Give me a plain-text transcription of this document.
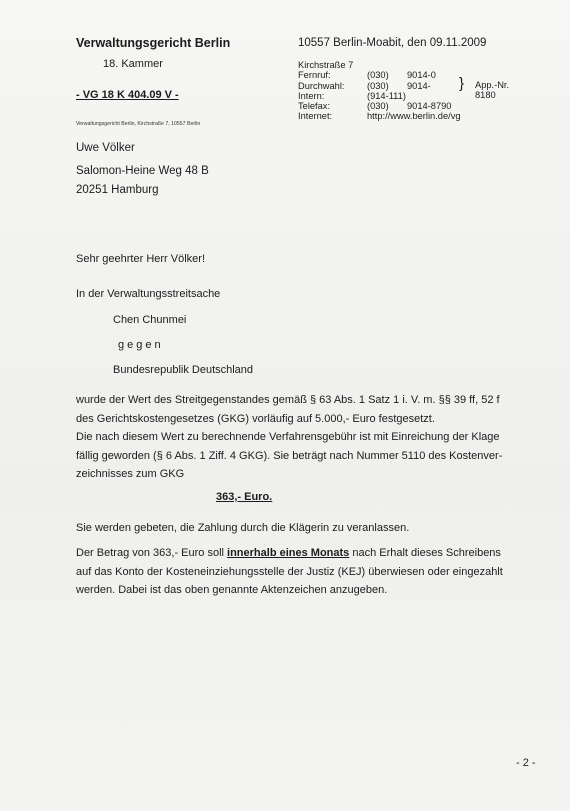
Verwaltungsgericht Berlin
18. Kammer
- VG 18 K 404.09 V -
Verwaltungsgericht Berlin, Kirchstraße 7, 10557 Berlin
10557 Berlin-Moabit, den 09.11.2009
Kirchstraße 7
Fernruf:	(030)	9014-0
Durchwahl:	(030)	9014-
Intern:	(914-111)
Telefax:	(030)	9014-8790
Internet:	http://www.berlin.de/vg
} App.-Nr.
8180
Uwe Völker
Salomon-Heine Weg 48 B
20251 Hamburg
Sehr geehrter Herr Völker!
In der Verwaltungsstreitsache
Chen Chunmei
gegen
Bundesrepublik Deutschland
wurde der Wert des Streitgegenstandes gemäß § 63 Abs. 1 Satz 1 i. V. m. §§ 39 ff, 52 f
des Gerichtskostengesetzes (GKG) vorläufig auf 5.000,- Euro festgesetzt.
Die nach diesem Wert zu berechnende Verfahrensgebühr ist mit Einreichung der Klage
fällig geworden (§ 6 Abs. 1 Ziff. 4 GKG). Sie beträgt nach Nummer 5110 des Kostenver-
zeichnisses zum GKG
363,- Euro.
Sie werden gebeten, die Zahlung durch die Klägerin zu veranlassen.
Der Betrag von 363,- Euro soll innerhalb eines Monats nach Erhalt dieses Schreibens
auf das Konto der Kosteneinziehungsstelle der Justiz (KEJ) überwiesen oder eingezahlt
werden. Dabei ist das oben genannte Aktenzeichen anzugeben.
- 2 -
